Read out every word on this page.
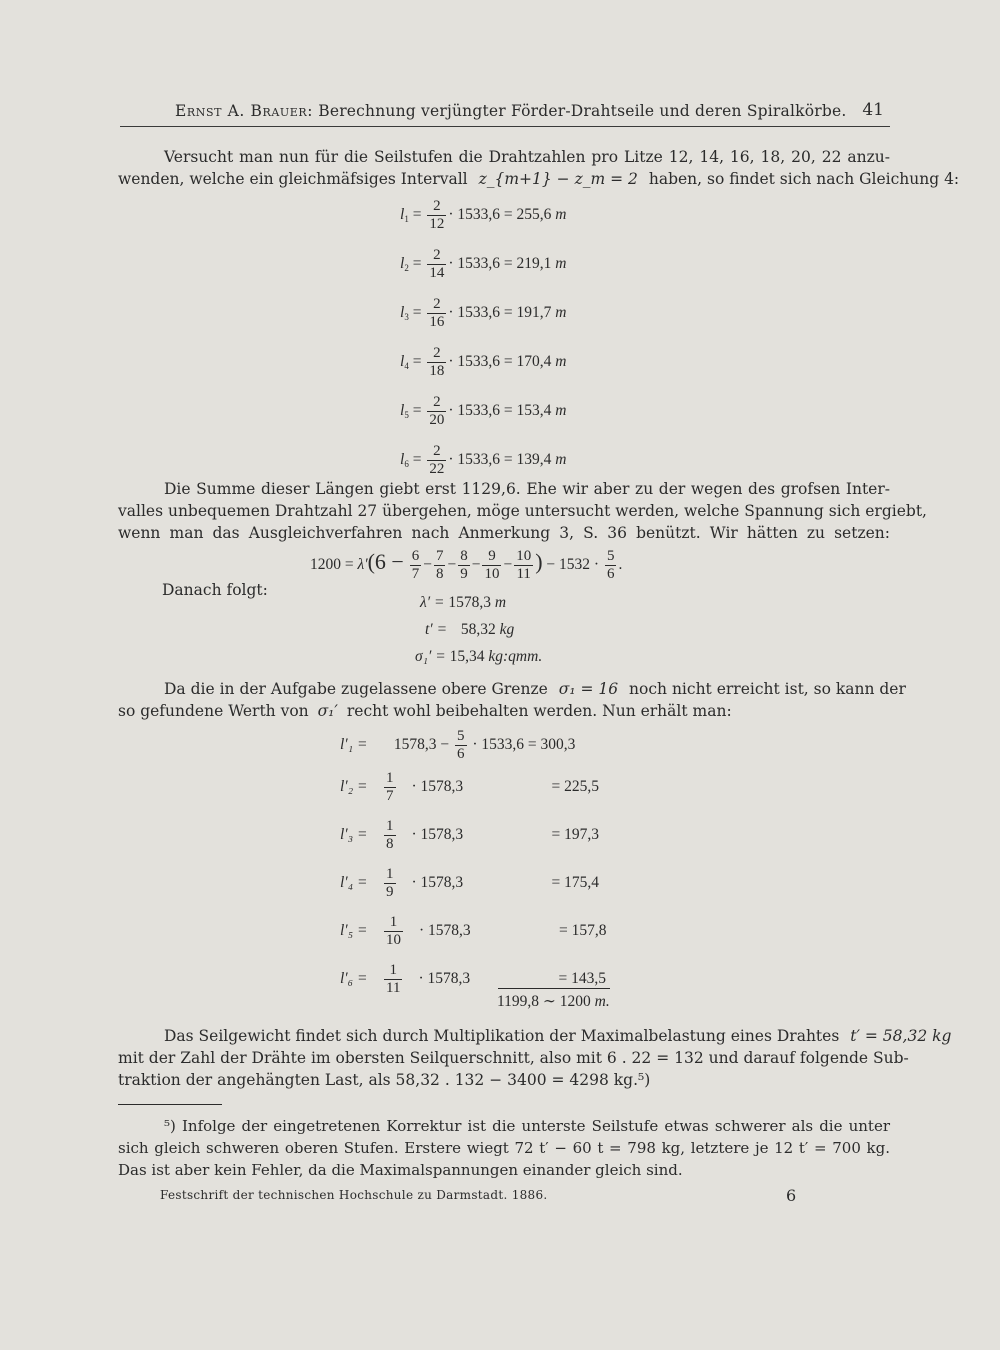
Ernst A. Brauer: Berechnung verjüngter Förder-Drahtseile und deren Spiralkörbe. 41
Versucht man nun für die Seilstufen die Drahtzahlen pro Litze 12, 14, 16, 18, 20, 22 anzu-
wenden, welche ein gleichmäfsiges Intervall z_{m+1} − z_m = 2 haben, so findet sich nach Gleichung 4:
$l_1 = \frac{2}{12} \cdot 1533,6 = 255,6$ m
$l_2 = \frac{2}{14} \cdot 1533,6 = 219,1$ m
$l_3 = \frac{2}{16} \cdot 1533,6 = 191,7$ m
$l_4 = \frac{2}{18} \cdot 1533,6 = 170,4$ m
$l_5 = \frac{2}{20} \cdot 1533,6 = 153,4$ m
$l_6 = \frac{2}{22} \cdot 1533,6 = 139,4$ m
Die Summe dieser Längen giebt erst 1129,6. Ehe wir aber zu der wegen des grofsen Inter-
valles unbequemen Drahtzahl 27 übergehen, möge untersucht werden, welche Spannung sich ergiebt,
wenn man das Ausgleichverfahren nach Anmerkung 3, S. 36 benützt. Wir hätten zu setzen:
$1200 = \lambda'(6 - \frac{6}{7} - \frac{7}{8} - \frac{8}{9} - \frac{9}{10} - \frac{10}{11}$ ) − $1532 \cdot \frac{5}{6}$ .
Danach folgt:
λ′ = 1578,3 m
t′ = 58,32 kg
σ₁′ = 15,34 kg:qmm.
Da die in der Aufgabe zugelassene obere Grenze σ₁ = 16 noch nicht erreicht ist, so kann der
so gefundene Werth von σ₁′ recht wohl beibehalten werden. Nun erhält man:
$l'_1 = 1578,3 - \frac{5}{6} \cdot 1533,6 = 300,3$
$l'_2 = \frac{1}{7} \cdot 1578,3$	= 225,5
$l'_3 = \frac{1}{8} \cdot 1578,3$	= 197,3
$l'_4 = \frac{1}{9} \cdot 1578,3$	= 175,4
$l'_5 = \frac{1}{10} \cdot 1578,3$	= 157,8
$l'_6 = \frac{1}{11} \cdot 1578,3$	= 143,5
1199,8 ∼ 1200 m.
Das Seilgewicht findet sich durch Multiplikation der Maximalbelastung eines Drahtes t′ = 58,32 kg
mit der Zahl der Drähte im obersten Seilquerschnitt, also mit 6 . 22 = 132 und darauf folgende Sub-
traktion der angehängten Last, als 58,32 . 132 − 3400 = 4298 kg.⁵)
⁵) Infolge der eingetretenen Korrektur ist die unterste Seilstufe etwas schwerer als die unter
sich gleich schweren oberen Stufen. Erstere wiegt 72 t′ − 60 t = 798 kg, letztere je 12 t′ = 700 kg.
Das ist aber kein Fehler, da die Maximalspannungen einander gleich sind.
Festschrift der technischen Hochschule zu Darmstadt. 1886.	6
